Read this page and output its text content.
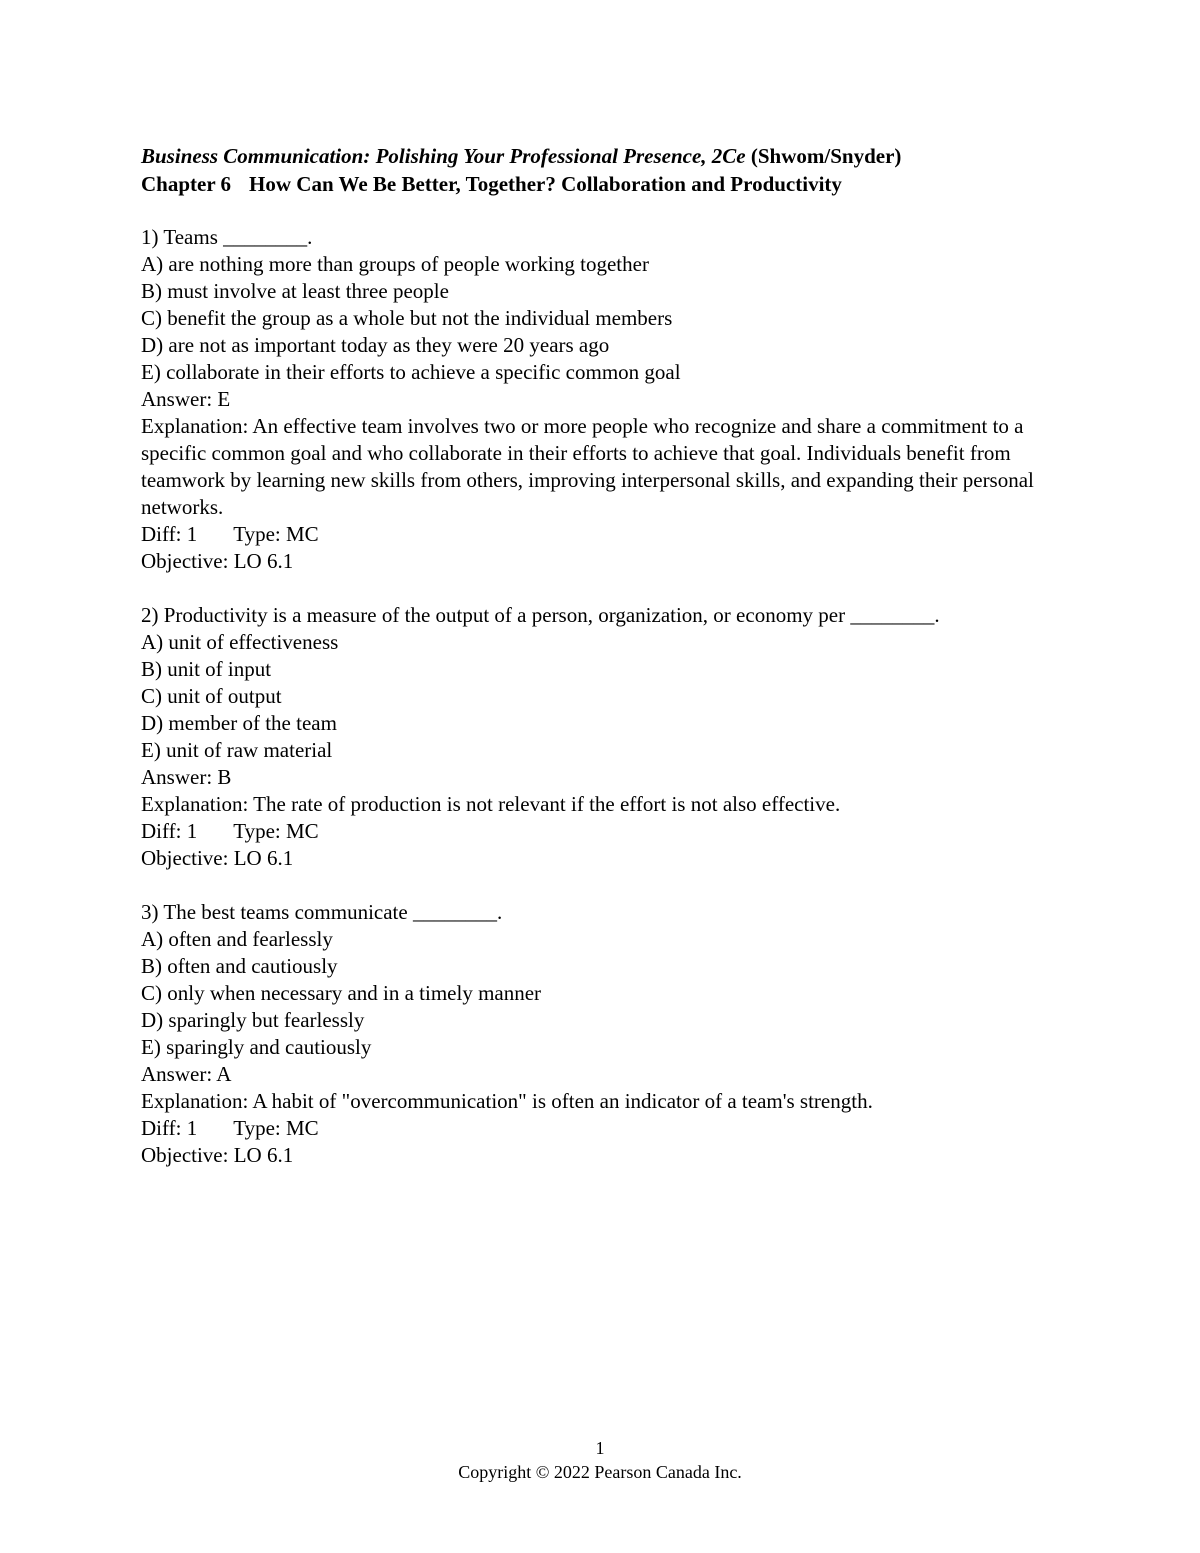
Business Communication: Polishing Your Professional Presence, 2Ce (Shwom/Snyder)
Chapter 6 How Can We Be Better, Together? Collaboration and Productivity
1) Teams ________.
A) are nothing more than groups of people working together
B) must involve at least three people
C) benefit the group as a whole but not the individual members
D) are not as important today as they were 20 years ago
E) collaborate in their efforts to achieve a specific common goal
Answer: E
Explanation: An effective team involves two or more people who recognize and share a commitment to a specific common goal and who collaborate in their efforts to achieve that goal. Individuals benefit from teamwork by learning new skills from others, improving interpersonal skills, and expanding their personal networks.
Diff: 1 Type: MC
Objective: LO 6.1
2) Productivity is a measure of the output of a person, organization, or economy per ________.
A) unit of effectiveness
B) unit of input
C) unit of output
D) member of the team
E) unit of raw material
Answer: B
Explanation: The rate of production is not relevant if the effort is not also effective.
Diff: 1 Type: MC
Objective: LO 6.1
3) The best teams communicate ________.
A) often and fearlessly
B) often and cautiously
C) only when necessary and in a timely manner
D) sparingly but fearlessly
E) sparingly and cautiously
Answer: A
Explanation: A habit of "overcommunication" is often an indicator of a team's strength.
Diff: 1 Type: MC
Objective: LO 6.1
1
Copyright © 2022 Pearson Canada Inc.
